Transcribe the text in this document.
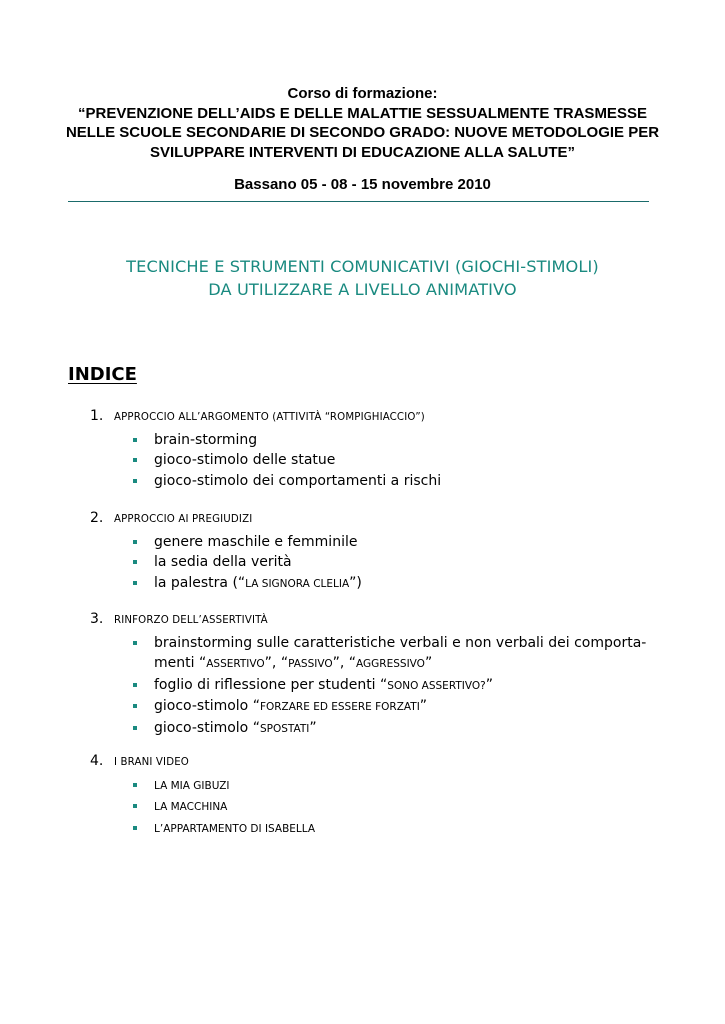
Corso di formazione:
“PREVENZIONE DELL’AIDS E DELLE MALATTIE SESSUALMENTE TRASMESSE
NELLE SCUOLE SECONDARIE DI SECONDO GRADO: NUOVE METODOLOGIE PER
SVILUPPARE INTERVENTI DI EDUCAZIONE ALLA SALUTE”
Bassano 05 - 08 - 15 novembre 2010
TECNICHE E STRUMENTI COMUNICATIVI (GIOCHI-STIMOLI)
DA UTILIZZARE A LIVELLO ANIMATIVO
INDICE
1.	APPROCCIO ALL’ARGOMENTO (ATTIVITÀ “ROMPIGHIACCIO”)
brain-storming
gioco-stimolo delle statue
gioco-stimolo dei comportamenti a rischi
2.	APPROCCIO AI PREGIUDIZI
genere maschile e femminile
la sedia della verità
la palestra (“LA SIGNORA CLELIA”)
3.	RINFORZO DELL’ASSERTIVITÀ
brainstorming sulle caratteristiche verbali e non verbali dei comporta-
menti “ASSERTIVO”, “PASSIVO”, “AGGRESSIVO”
foglio di riflessione per studenti “SONO ASSERTIVO?”
gioco-stimolo “FORZARE ED ESSERE FORZATI”
gioco-stimolo “SPOSTATI”
4.	I BRANI VIDEO
LA MIA GIBUZI
LA MACCHINA
L’APPARTAMENTO DI ISABELLA
